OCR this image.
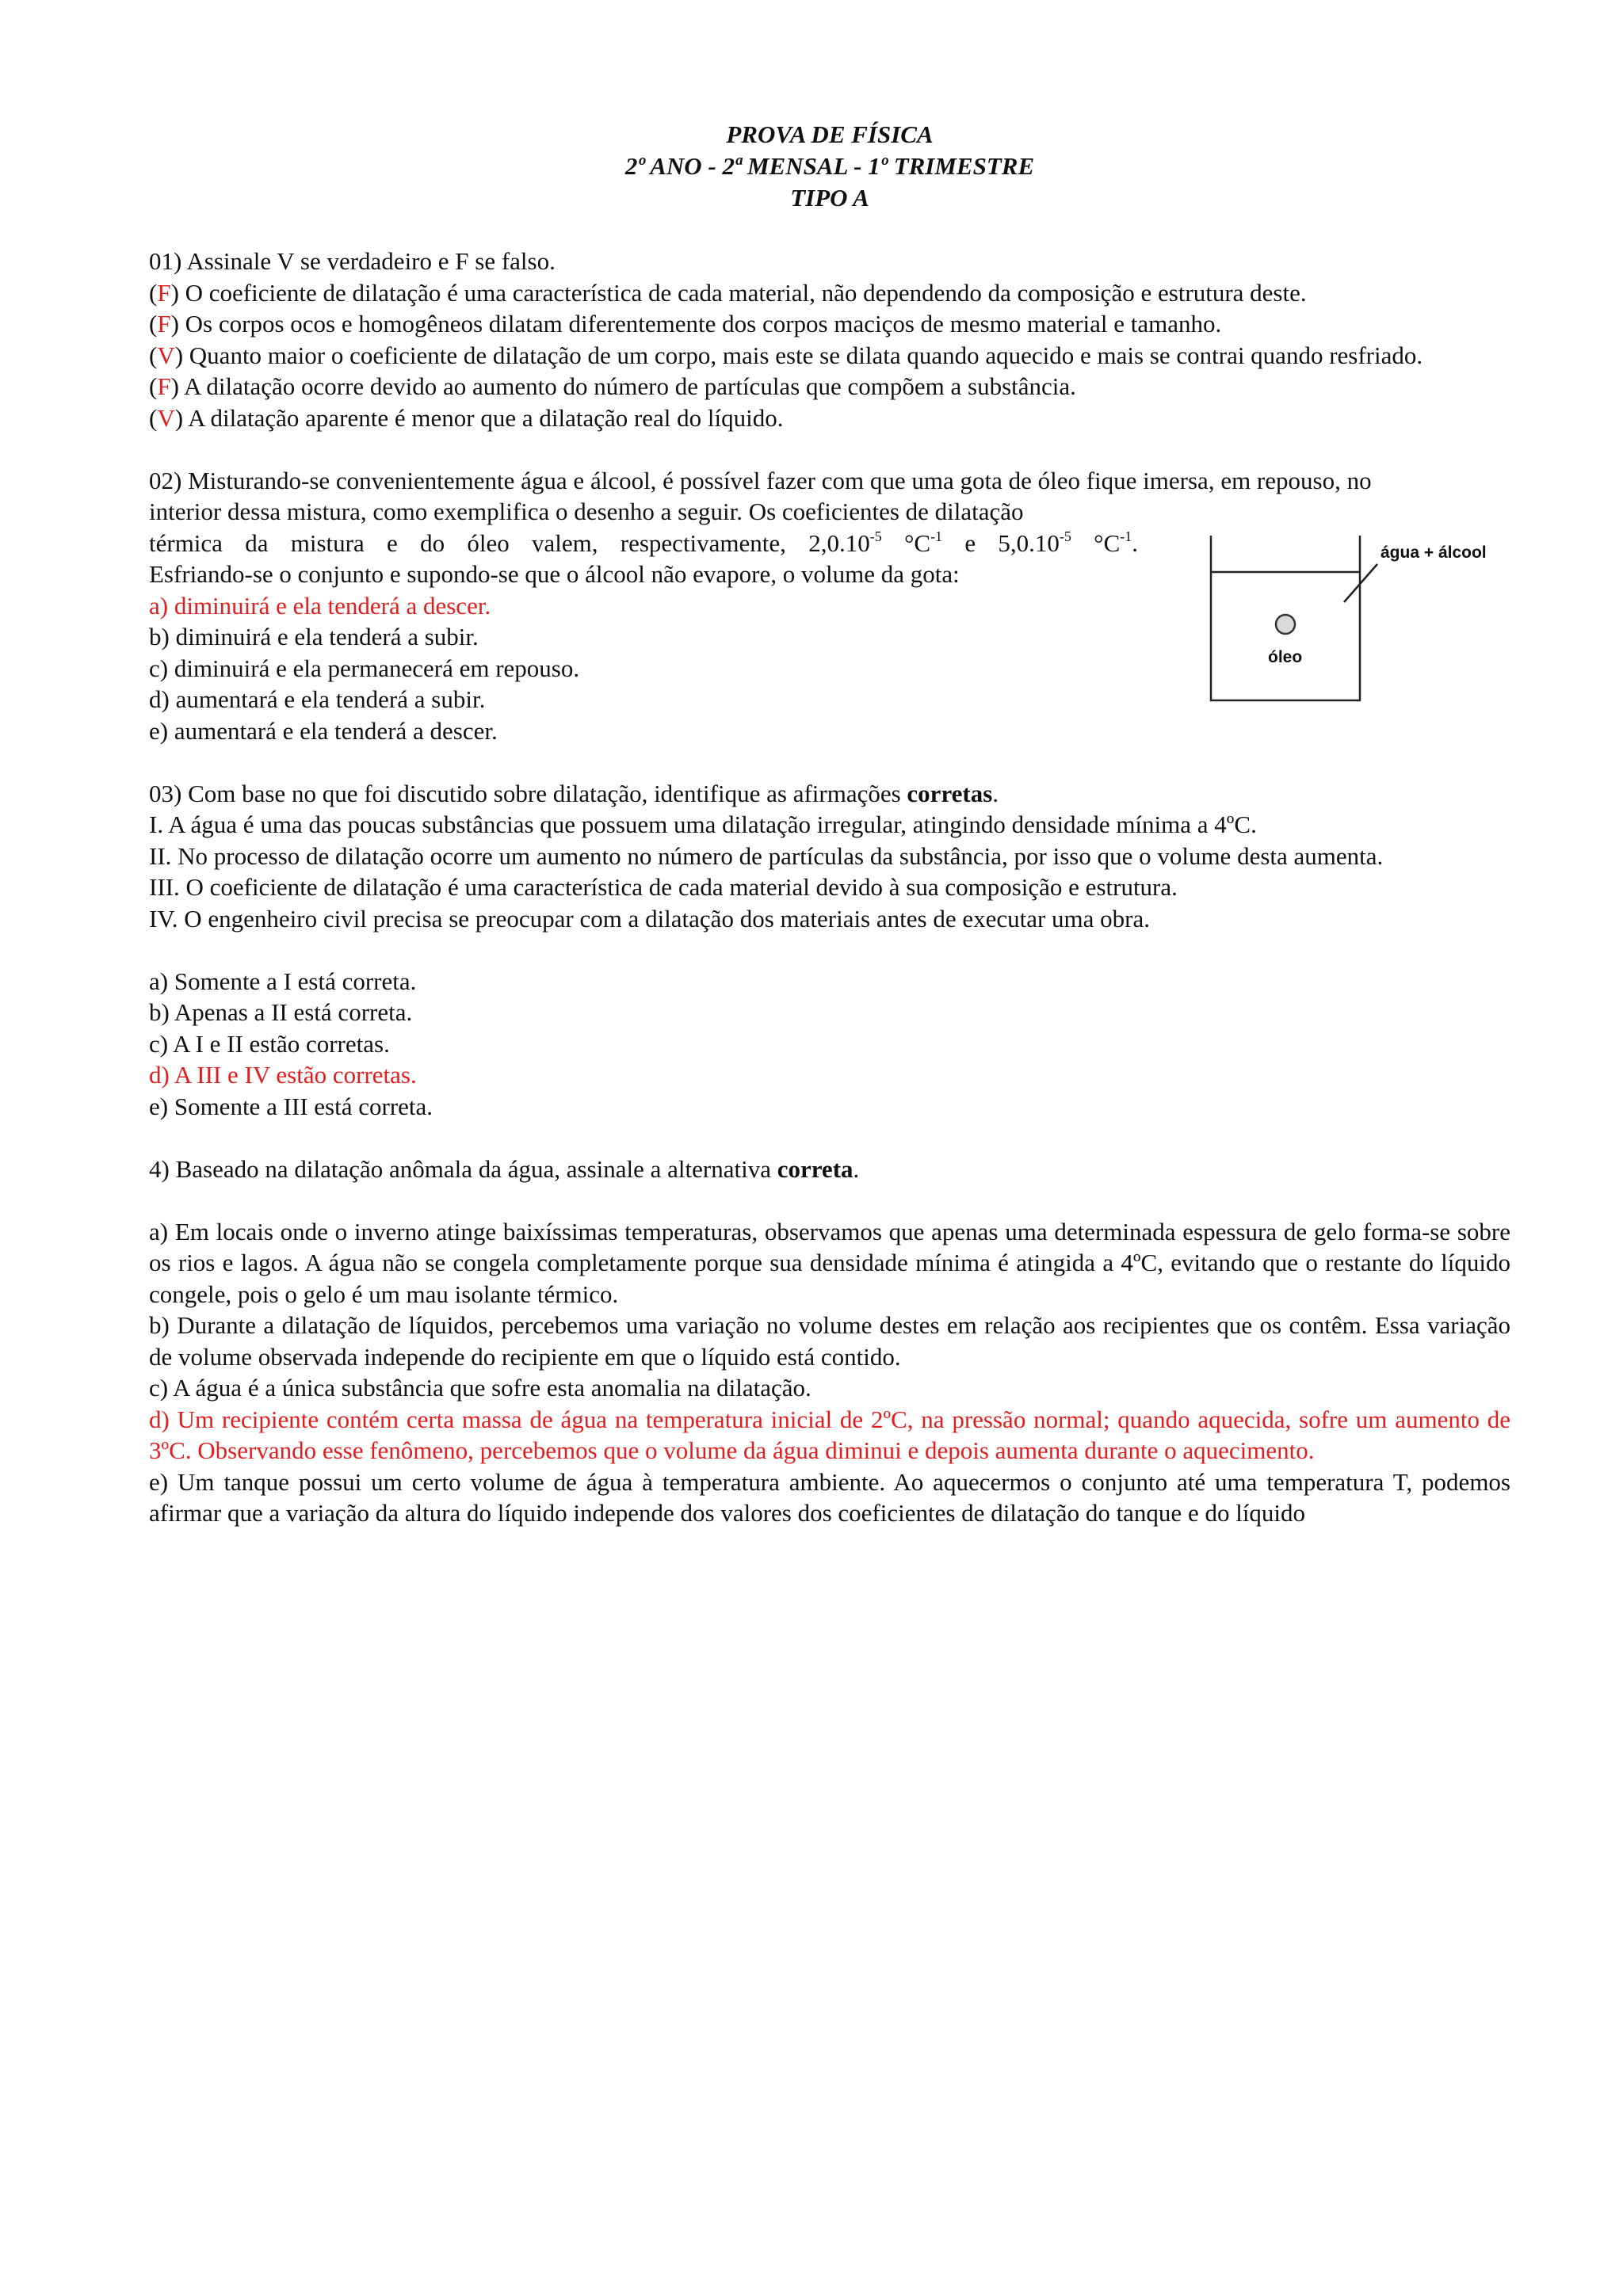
PROVA DE FÍSICA
2º ANO - 2ª MENSAL - 1º TRIMESTRE
TIPO A

01) Assinale V se verdadeiro e F se falso.

(F) O coeficiente de dilatação é uma característica de cada material, não dependendo da composição e estrutura deste.

(F) Os corpos ocos e homogêneos dilatam diferentemente dos corpos maciços de mesmo material e tamanho.

(V) Quanto maior o coeficiente de dilatação de um corpo, mais este se dilata quando aquecido e mais se contrai quando resfriado.

(F) A dilatação ocorre devido ao aumento do número de partículas que compõem a substância.

(V) A dilatação aparente é menor que a dilatação real do líquido.

02) Misturando-se convenientemente água e álcool, é possível fazer com que uma gota de óleo fique imersa, em repouso, no

interior dessa mistura, como exemplifica o desenho a seguir. Os coeficientes de dilatação

térmica da mistura e do óleo valem, respectivamente, $2,0.10^{-5}$ $^\circ C^{-1}$ e $5,0.10^{-5}$ $^\circ C^{-1}$.

Esfriando-se o conjunto e supondo-se que o álcool não evapore, o volume da gota:

a) diminuirá e ela tenderá a descer.

b) diminuirá e ela tenderá a subir.

c) diminuirá e ela permanecerá em repouso.

d) aumentará e ela tenderá a subir.

e) aumentará e ela tenderá a descer.

água + álcool
óleo

03) Com base no que foi discutido sobre dilatação, identifique as afirmações corretas.

I. A água é uma das poucas substâncias que possuem uma dilatação irregular, atingindo densidade mínima a 4ºC.

II. No processo de dilatação ocorre um aumento no número de partículas da substância, por isso que o volume desta aumenta.

III. O coeficiente de dilatação é uma característica de cada material devido à sua composição e estrutura.

IV. O engenheiro civil precisa se preocupar com a dilatação dos materiais antes de executar uma obra.

a) Somente a I está correta.

b) Apenas a II está correta.

c) A I e II estão corretas.

d) A III e IV estão corretas.

e) Somente a III está correta.

4) Baseado na dilatação anômala da água, assinale a alternativa correta.

a) Em locais onde o inverno atinge baixíssimas temperaturas, observamos que apenas uma determinada espessura de gelo forma-se sobre os rios e lagos. A água não se congela completamente porque sua densidade mínima é atingida a 4ºC, evitando que o restante do líquido congele, pois o gelo é um mau isolante térmico.

b) Durante a dilatação de líquidos, percebemos uma variação no volume destes em relação aos recipientes que os contêm. Essa variação de volume observada independe do recipiente em que o líquido está contido.

c) A água é a única substância que sofre esta anomalia na dilatação.

d) Um recipiente contém certa massa de água na temperatura inicial de 2ºC, na pressão normal; quando aquecida, sofre um aumento de 3ºC. Observando esse fenômeno, percebemos que o volume da água diminui e depois aumenta durante o aquecimento.

e) Um tanque possui um certo volume de água à temperatura ambiente. Ao aquecermos o conjunto até uma temperatura T, podemos afirmar que a variação da altura do líquido independe dos valores dos coeficientes de dilatação do tanque e do líquido
